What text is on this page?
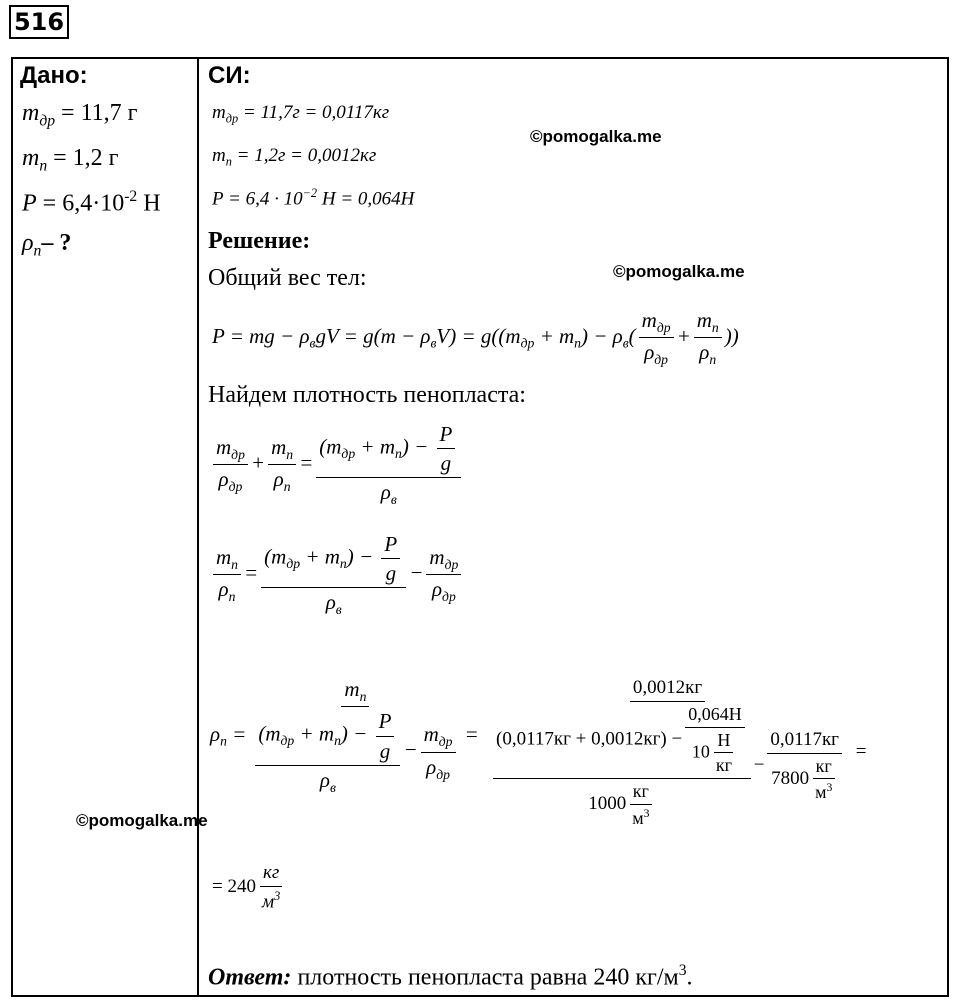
516
Дано:
$m_{др} = 11,7$ г
$m_п = 1,2$ г
$P = 6,4\cdot 10^{-2}$ Н
$\rho_п-$ ?
СИ:
$m_{др} = 11,7г = 0,0117кг$
$m_п = 1,2г = 0,0012кг$
$P = 6,4 \cdot 10^{-2}$ Н = 0,064Н
©pomogalka.me
Решение:
Общий вес тел:	©pomogalka.me
P = mg − $\rho_вgV = g(m - \rho_вV) = g((m_{др} + m_п) - \rho_в( \frac{m_{др}}{\rho_{др}} + \frac{m_п}{\rho_п}$ ))
Найдем плотность пенопласта:
$\frac{m_{др}}{\rho_{др}} + \frac{m_п}{\rho_п} = \frac{(m_{др} + m_п) - \frac{P}{g}}{\rho_в}$
$\frac{m_п}{\rho_п} = \frac{(m_{др} + m_п) - \frac{P}{g}}{\rho_в} - \frac{m_{др}}{\rho_{др}}$
$\rho_п = \frac{m_п}{\frac{(m_{др} + m_п) - \frac{P}{g}}{\rho_в} - \frac{m_{др}}{\rho_{др}}} = \frac{0,0012кг}{\frac{(0,0117кг + 0,0012кг) - \frac{0,064Н}{10 \frac{Н}{кг}}}{1000 \frac{кг}{м^3}} - \frac{0,0117кг}{7800 \frac{кг}{м^3}}}$ =
©pomogalka.me
= $240 \frac{кг}{м^3}$
Ответ: плотность пенопласта равна 240 $кг/м^3$.
